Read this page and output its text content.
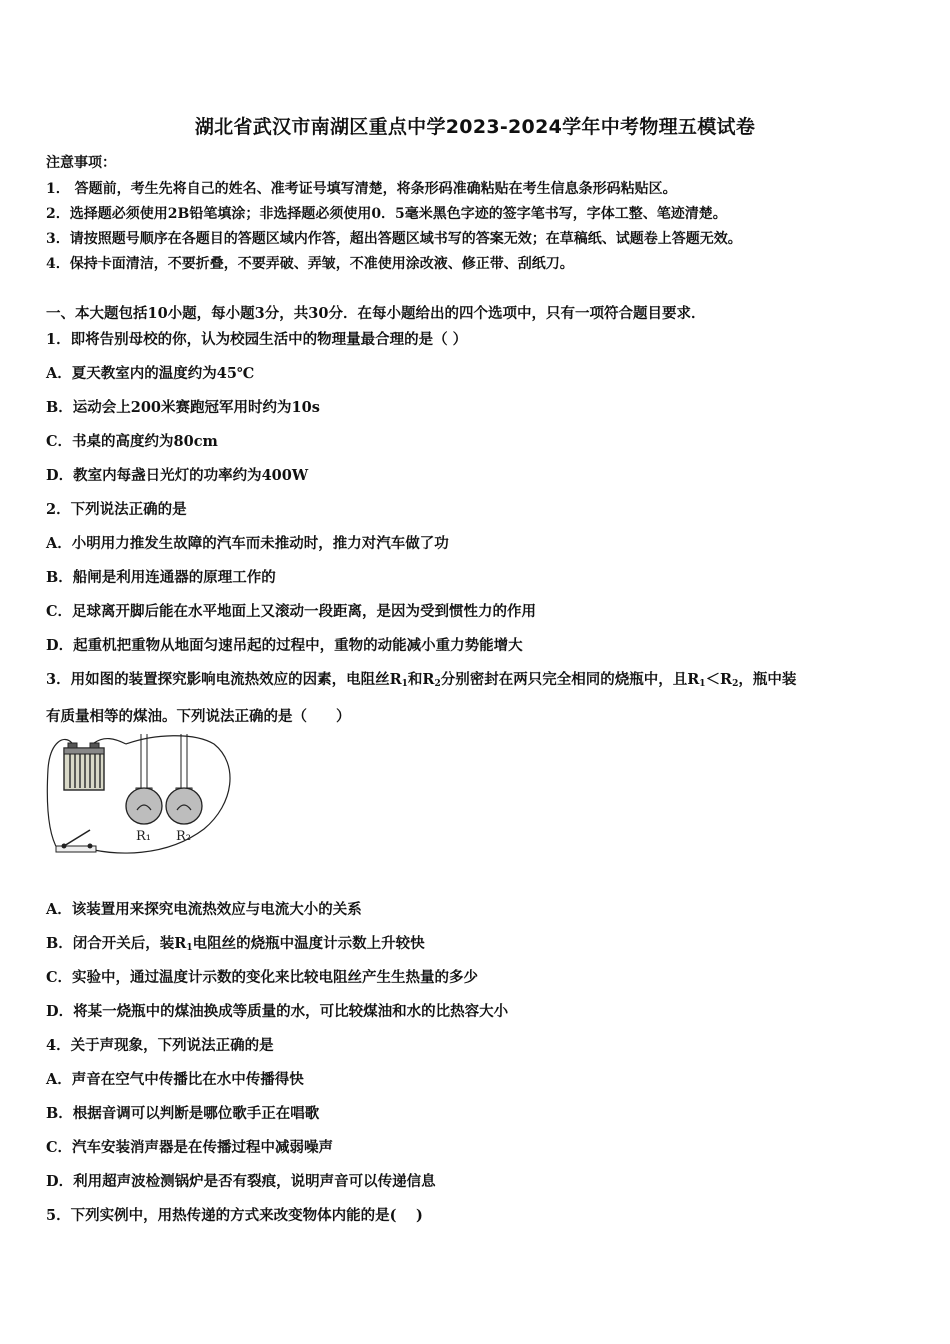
湖北省武汉市南湖区重点中学2023-2024学年中考物理五模试卷
注意事项：
1． 答题前，考生先将自己的姓名、准考证号填写清楚，将条形码准确粘贴在考生信息条形码粘贴区。
2．选择题必须使用2B铅笔填涂；非选择题必须使用0．5毫米黑色字迹的签字笔书写，字体工整、笔迹清楚。
3．请按照题号顺序在各题目的答题区域内作答，超出答题区域书写的答案无效；在草稿纸、试题卷上答题无效。
4．保持卡面清洁，不要折叠，不要弄破、弄皱，不准使用涂改液、修正带、刮纸刀。
一、本大题包括10小题，每小题3分，共30分．在每小题给出的四个选项中，只有一项符合题目要求．
1．即将告别母校的你，认为校园生活中的物理量最合理的是（ ）
A．夏天教室内的温度约为45℃
B．运动会上200米赛跑冠军用时约为10s
C．书桌的高度约为80cm
D．教室内每盏日光灯的功率约为400W
2．下列说法正确的是
A．小明用力推发生故障的汽车而未推动时，推力对汽车做了功
B．船闸是利用连通器的原理工作的
C．足球离开脚后能在水平地面上又滚动一段距离，是因为受到惯性力的作用
D．起重机把重物从地面匀速吊起的过程中，重物的动能减小重力势能增大
3．用如图的装置探究影响电流热效应的因素，电阻丝$R_1$和$R_2$分别密封在两只完全相同的烧瓶中，且$R_1<R_2$，瓶中装
有质量相等的煤油。下列说法正确的是（　　）
R₁ R₂
A．该装置用来探究电流热效应与电流大小的关系
B．闭合开关后，装$R_1$电阻丝的烧瓶中温度计示数上升较快
C．实验中，通过温度计示数的变化来比较电阻丝产生生热量的多少
D．将某一烧瓶中的煤油换成等质量的水，可比较煤油和水的比热容大小
4．关于声现象，下列说法正确的是
A．声音在空气中传播比在水中传播得快
B．根据音调可以判断是哪位歌手正在唱歌
C．汽车安装消声器是在传播过程中减弱噪声
D．利用超声波检测锅炉是否有裂痕，说明声音可以传递信息
5．下列实例中，用热传递的方式来改变物体内能的是(　 )
